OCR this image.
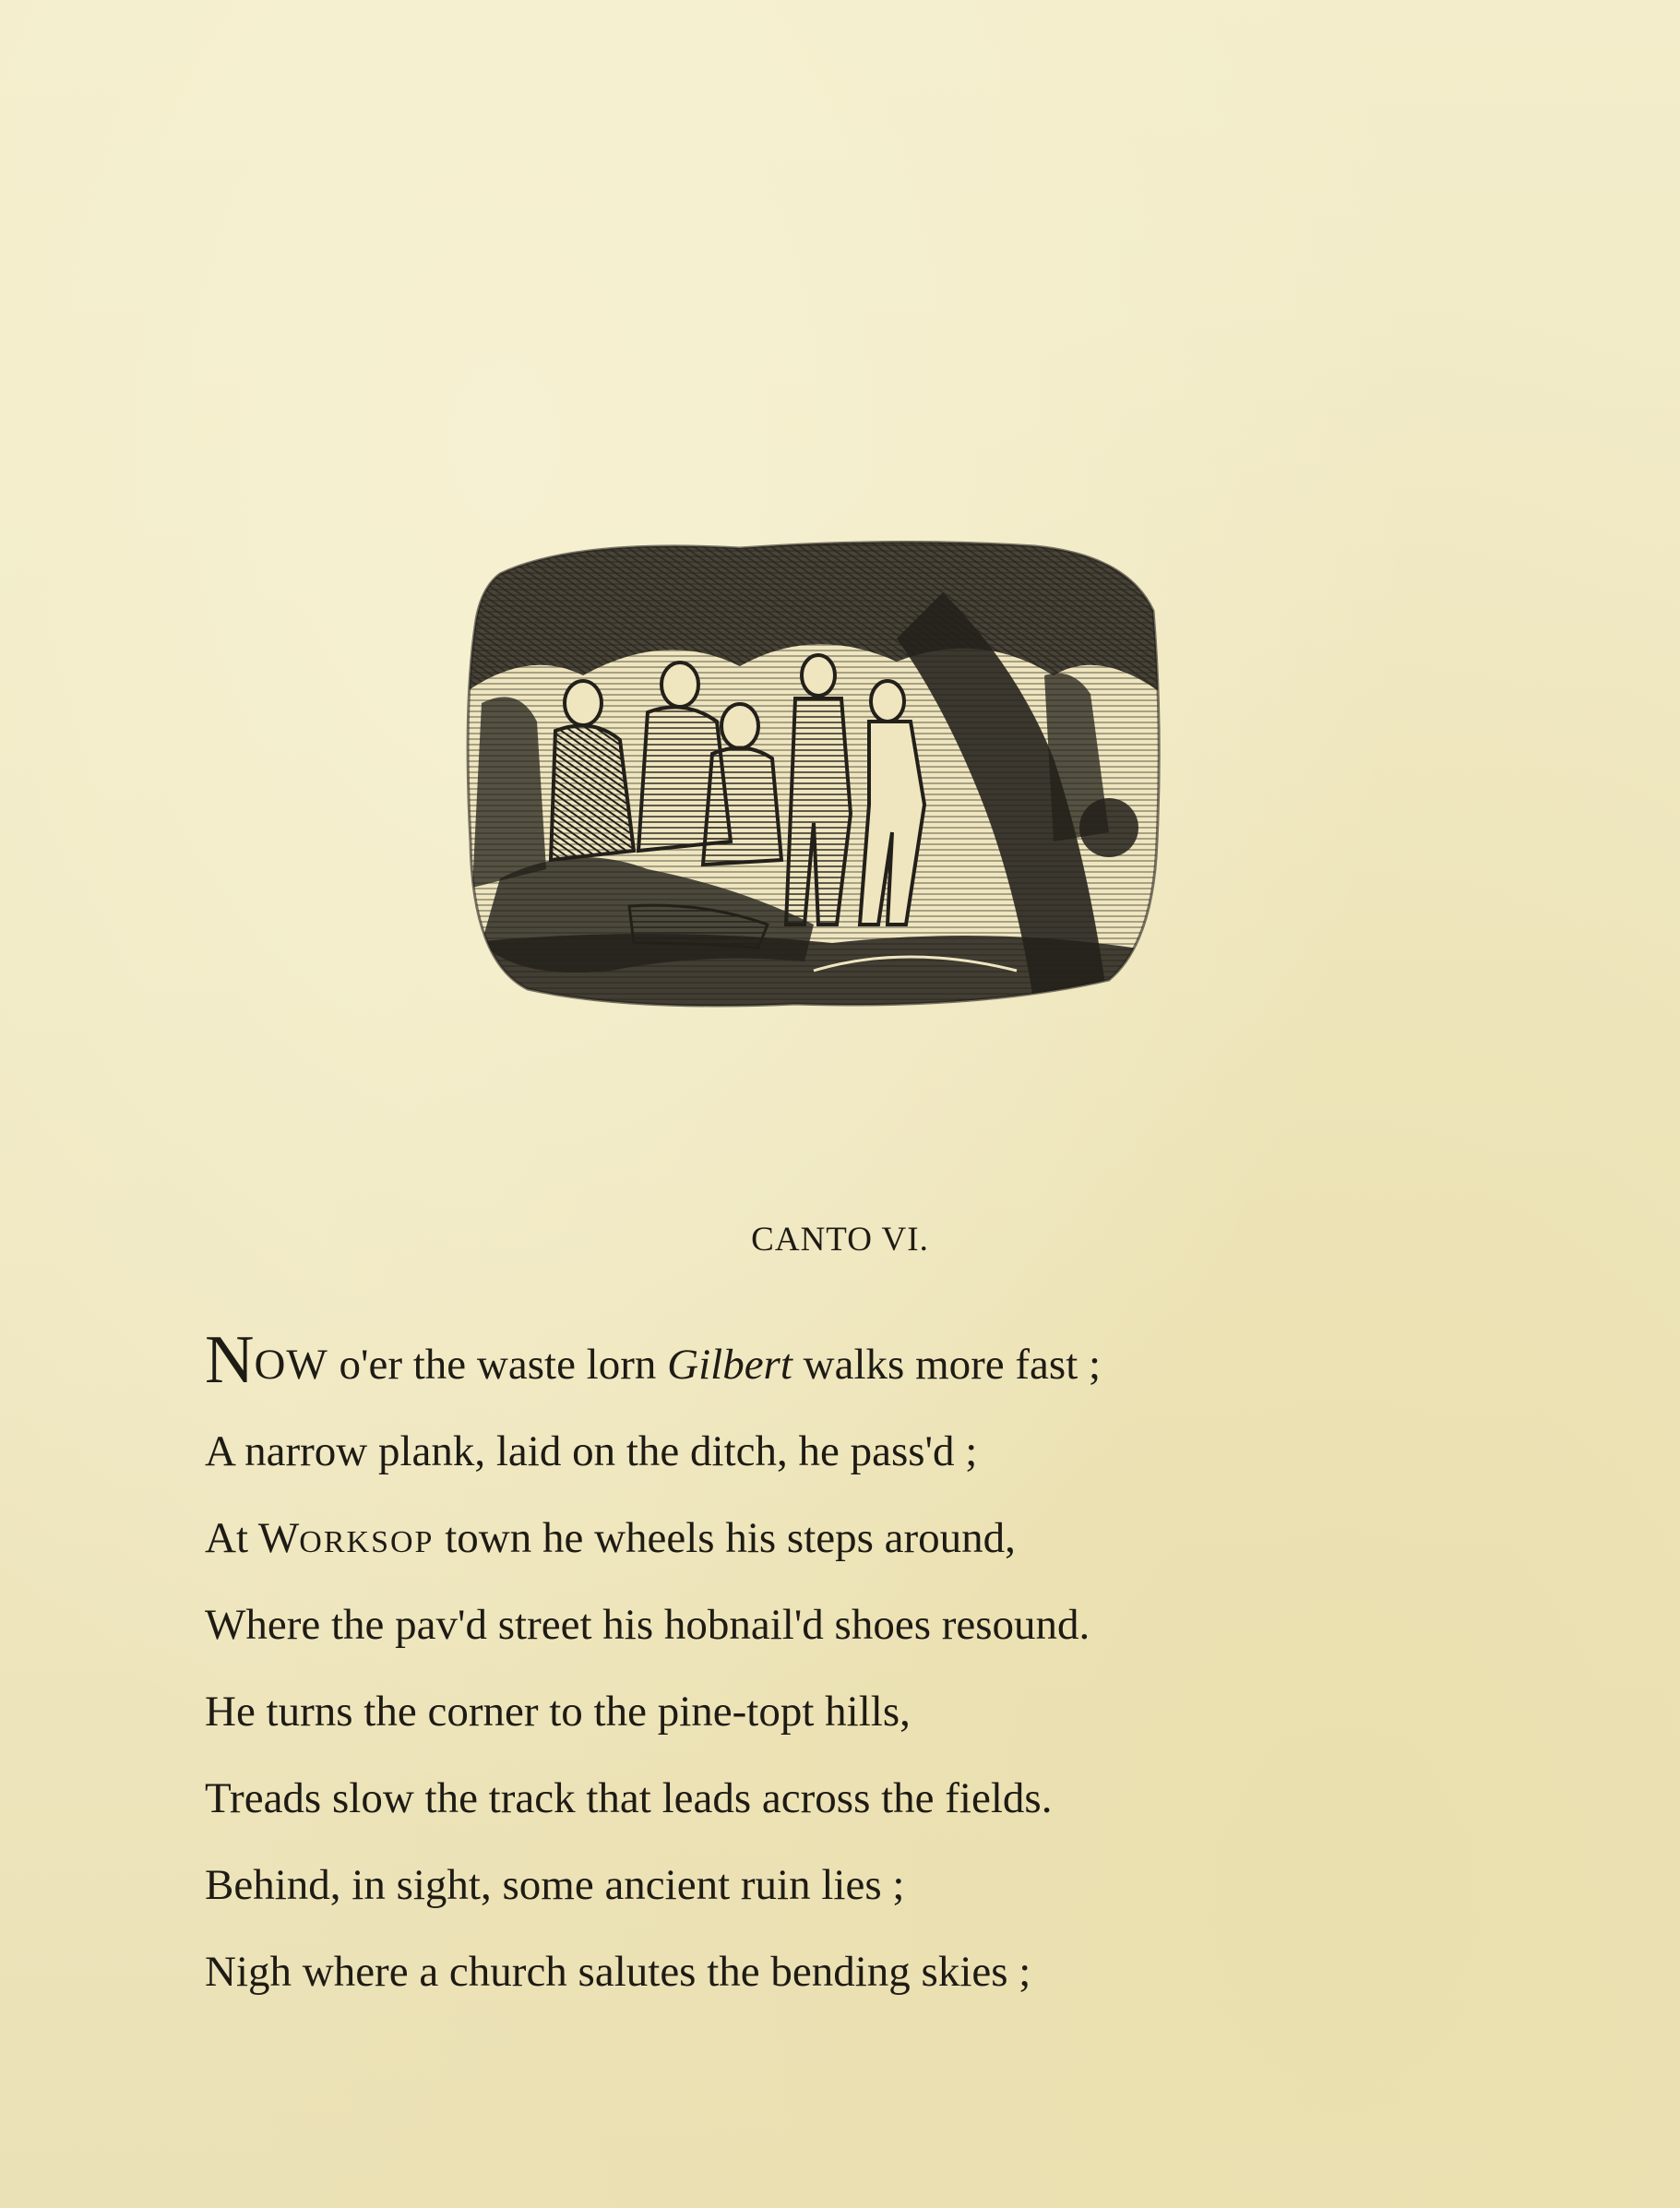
CANTO VI.
NOW o'er the waste lorn Gilbert walks more fast ;
A narrow plank, laid on the ditch, he pass'd ;
At WORKSOP town he wheels his steps around,
Where the pav'd street his hobnail'd shoes resound.
He turns the corner to the pine-topt hills,
Treads slow the track that leads across the fields.
Behind, in sight, some ancient ruin lies ;
Nigh where a church salutes the bending skies ;
